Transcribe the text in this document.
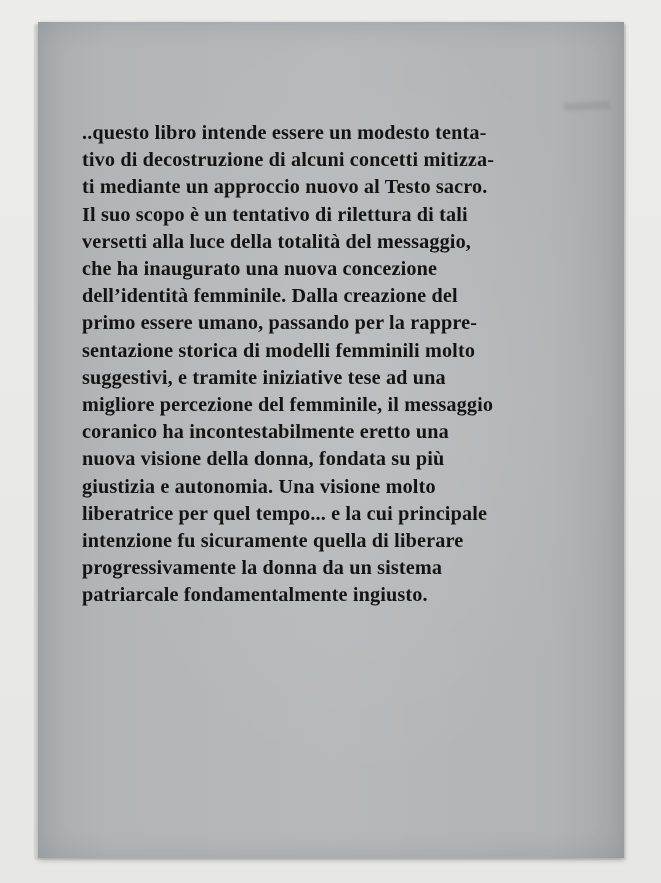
..questo libro intende essere un modesto tenta-
tivo di decostruzione di alcuni concetti mitizza-
ti mediante un approccio nuovo al Testo sacro.
Il suo scopo è un tentativo di rilettura di tali
versetti alla luce della totalità del messaggio,
che ha inaugurato una nuova concezione
dell’identità femminile. Dalla creazione del
primo essere umano, passando per la rappre-
sentazione storica di modelli femminili molto
suggestivi, e tramite iniziative tese ad una
migliore percezione del femminile, il messaggio
coranico ha incontestabilmente eretto una
nuova visione della donna, fondata su più
giustizia e autonomia. Una visione molto
liberatrice per quel tempo... e la cui principale
intenzione fu sicuramente quella di liberare
progressivamente la donna da un sistema
patriarcale fondamentalmente ingiusto.
